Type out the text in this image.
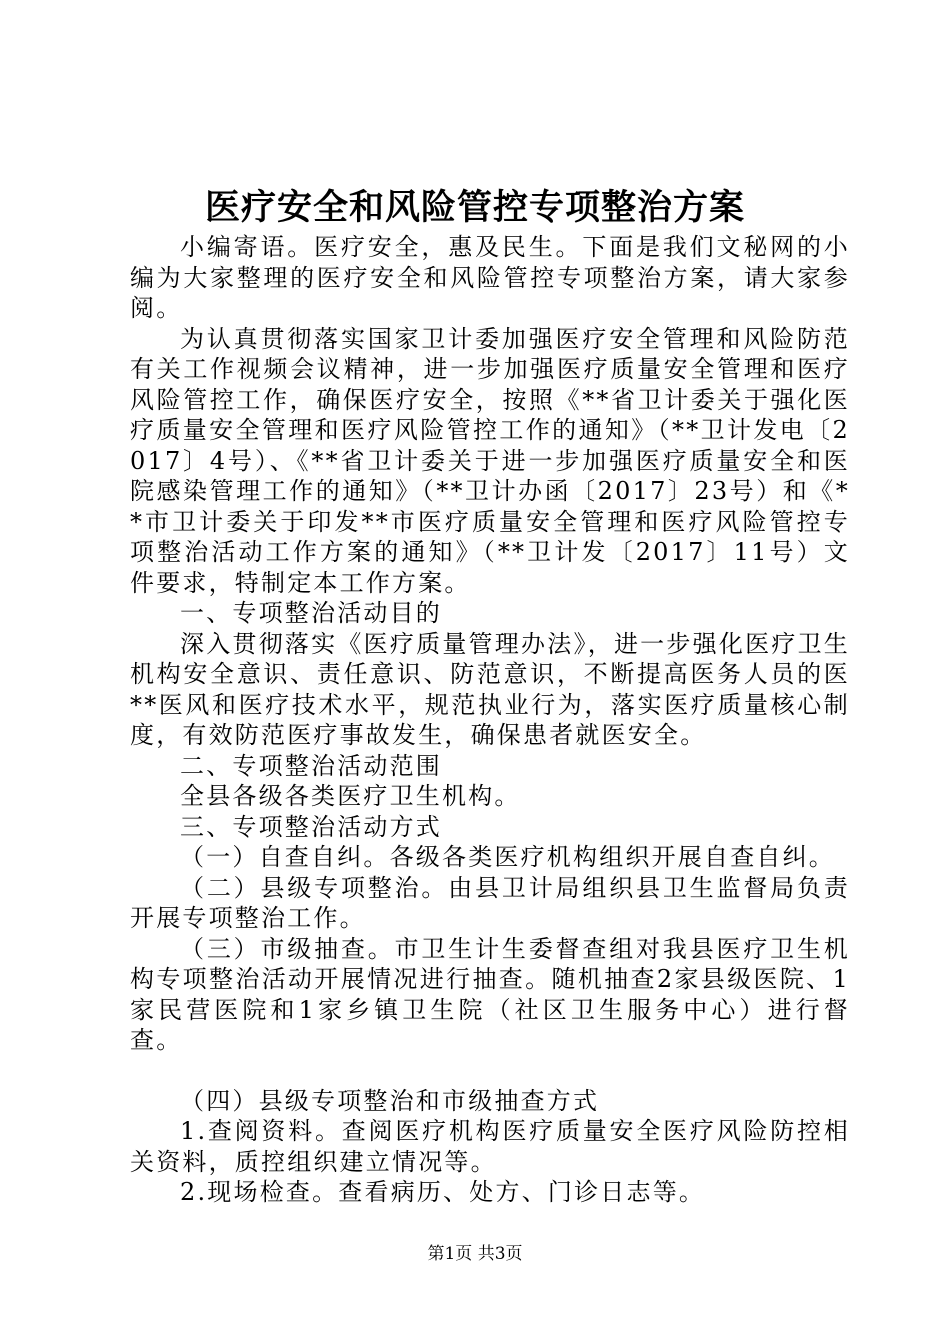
医疗安全和风险管控专项整治方案

小编寄语。医疗安全，惠及民生。下面是我们文秘网的小编为大家整理的医疗安全和风险管控专项整治方案，请大家参阅。

为认真贯彻落实国家卫计委加强医疗安全管理和风险防范有关工作视频会议精神，进一步加强医疗质量安全管理和医疗风险管控工作，确保医疗安全，按照《**省卫计委关于强化医疗质量安全管理和医疗风险管控工作的通知》（**卫计发电〔2017〕4号）、《**省卫计委关于进一步加强医疗质量安全和医院感染管理工作的通知》（**卫计办函〔2017〕23号）和《**市卫计委关于印发**市医疗质量安全管理和医疗风险管控专项整治活动工作方案的通知》（**卫计发〔2017〕11号）文件要求，特制定本工作方案。

一、专项整治活动目的

深入贯彻落实《医疗质量管理办法》，进一步强化医疗卫生机构安全意识、责任意识、防范意识，不断提高医务人员的医**医风和医疗技术水平，规范执业行为，落实医疗质量核心制度，有效防范医疗事故发生，确保患者就医安全。

二、专项整治活动范围

全县各级各类医疗卫生机构。

三、专项整治活动方式

（一）自查自纠。各级各类医疗机构组织开展自查自纠。

（二）县级专项整治。由县卫计局组织县卫生监督局负责开展专项整治工作。

（三）市级抽查。市卫生计生委督查组对我县医疗卫生机构专项整治活动开展情况进行抽查。随机抽查2家县级医院、1家民营医院和1家乡镇卫生院（社区卫生服务中心）进行督查。

（四）县级专项整治和市级抽查方式

1.查阅资料。查阅医疗机构医疗质量安全医疗风险防控相关资料，质控组织建立情况等。

2.现场检查。查看病历、处方、门诊日志等。

第1页 共3页
